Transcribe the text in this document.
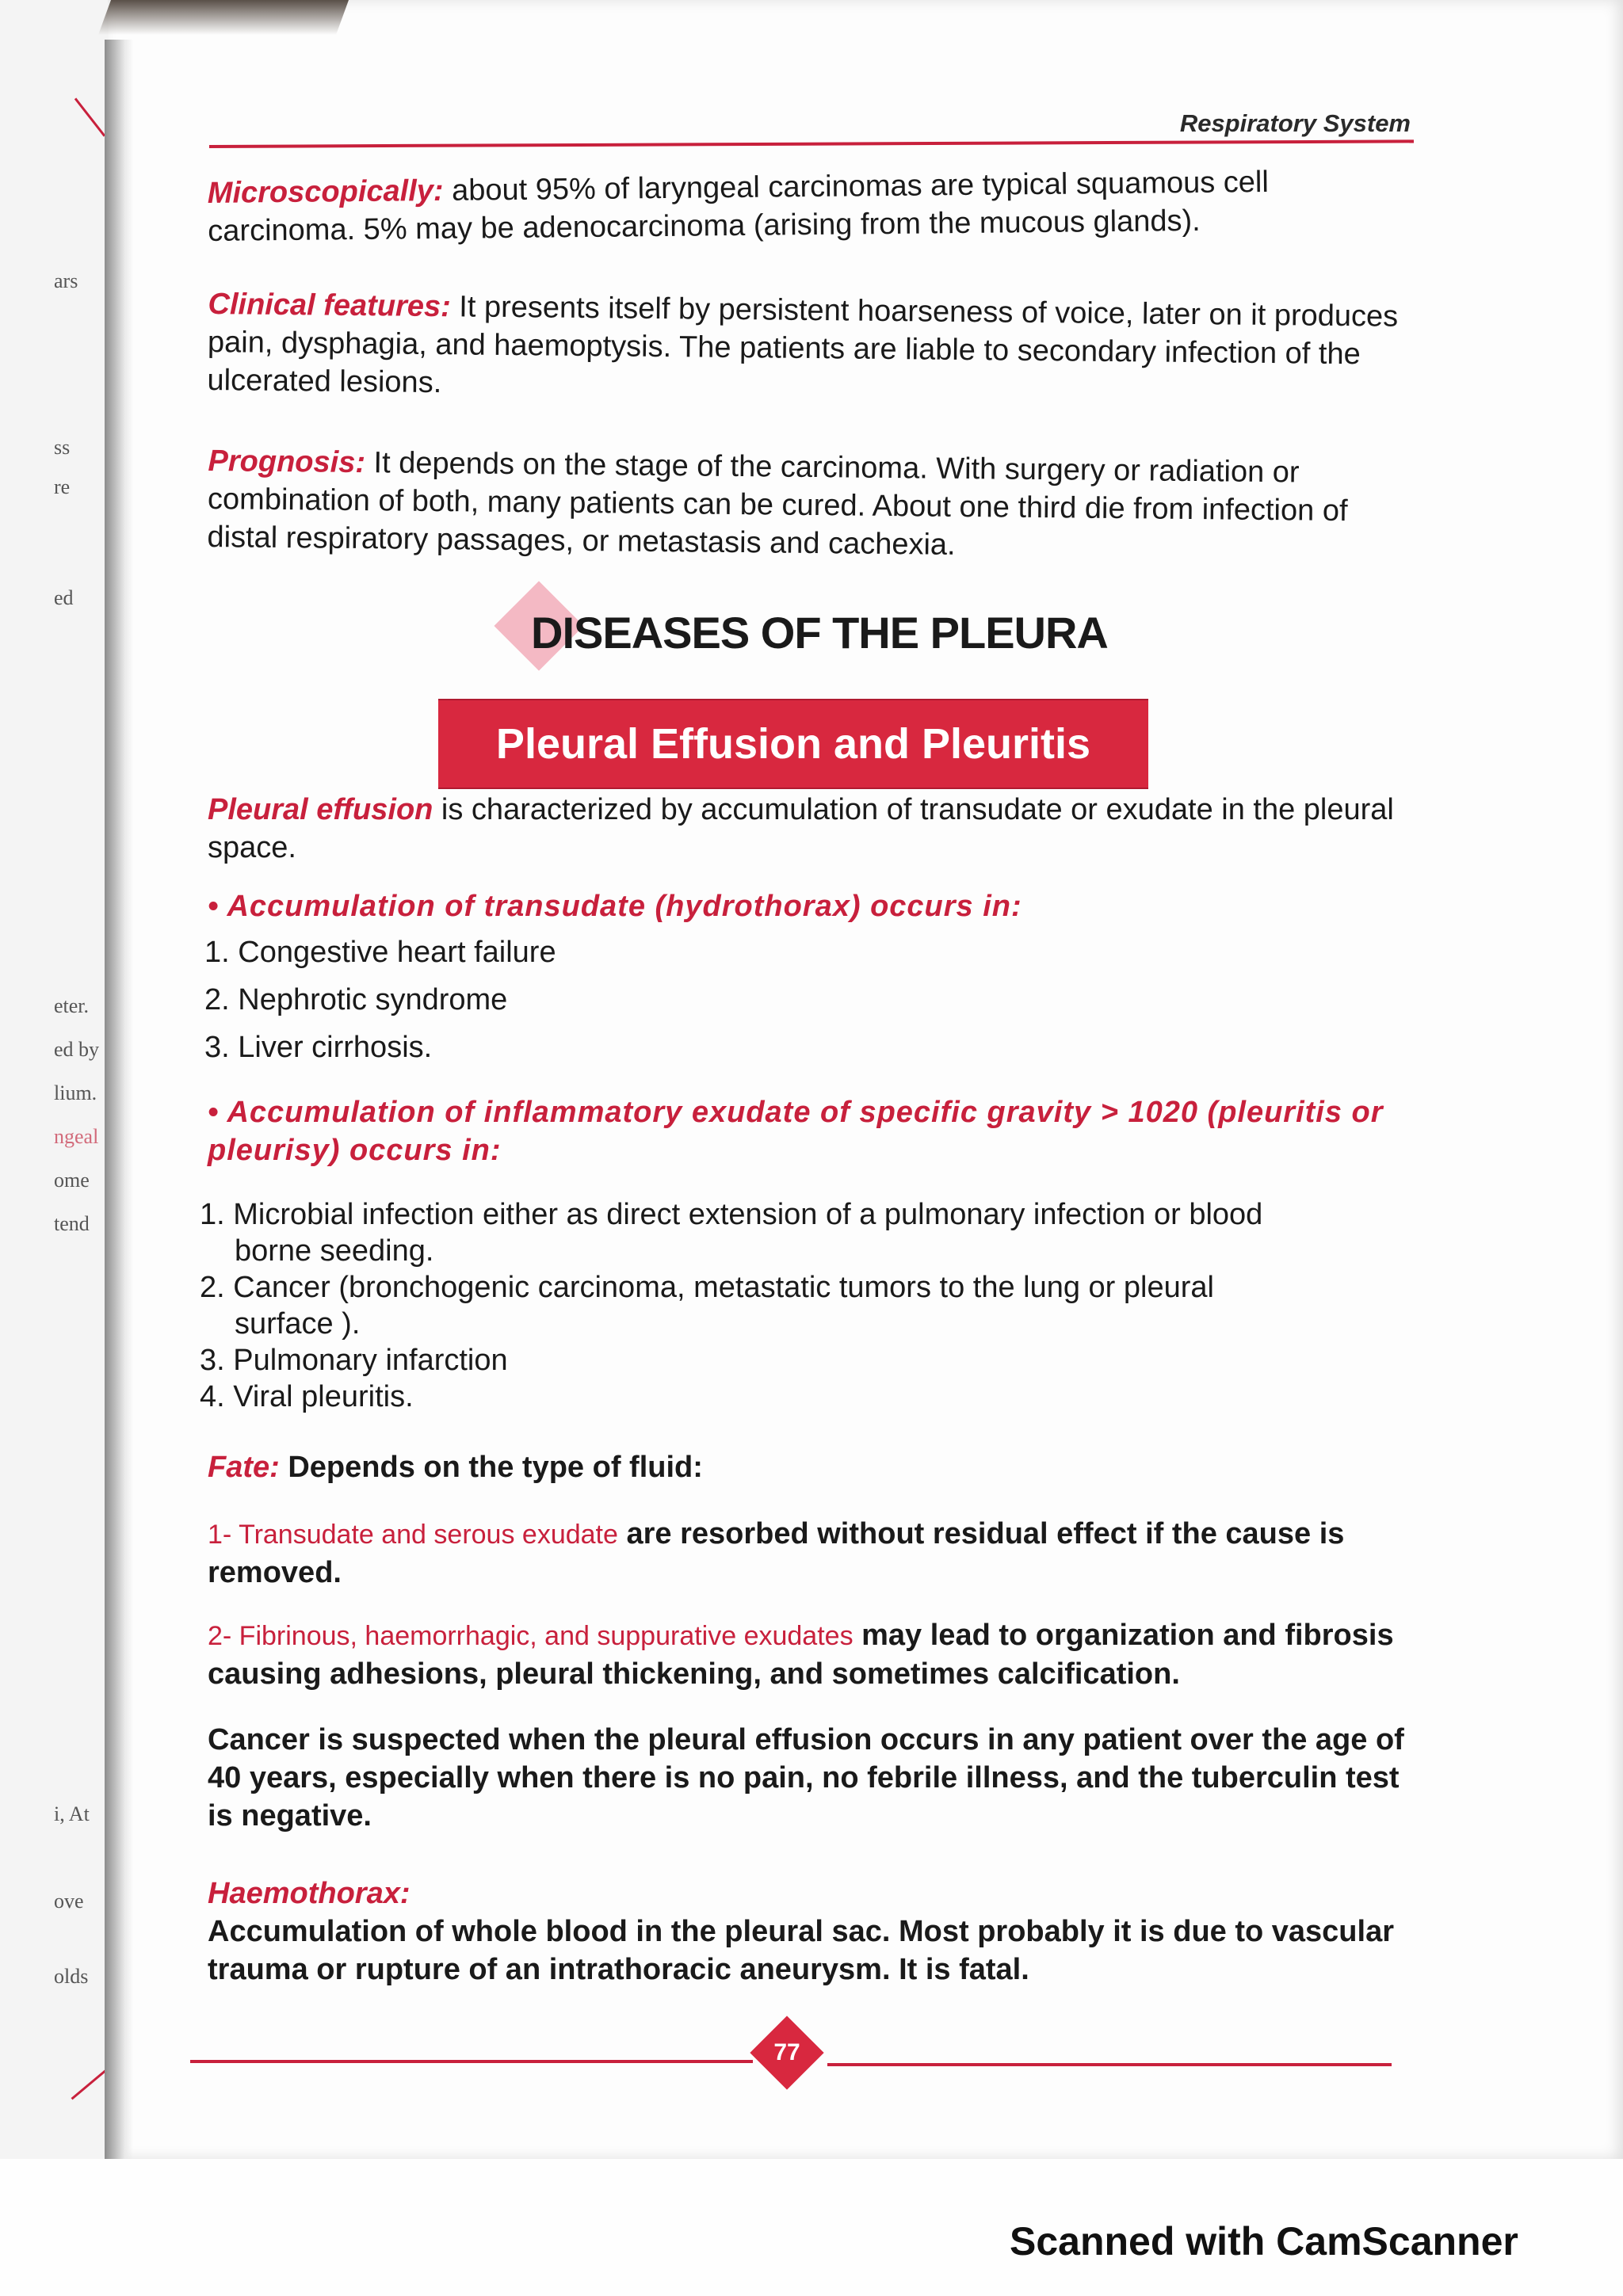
ars
ss
re
ed
eter.
ed by
lium.
ngeal
ome
tend
i, At
ove
olds
Respiratory System
Microscopically: about 95% of laryngeal carcinomas are typical squamous cell carcinoma. 5% may be adenocarcinoma (arising from the mucous glands).
Clinical features: It presents itself by persistent hoarseness of voice, later on it produces pain, dysphagia, and haemoptysis. The patients are liable to secondary infection of the ulcerated lesions.
Prognosis: It depends on the stage of the carcinoma. With surgery or radiation or combination of both, many patients can be cured. About one third die from infection of distal respiratory passages, or metastasis and cachexia.
DISEASES OF THE PLEURA
Pleural Effusion and Pleuritis
Pleural effusion is characterized by accumulation of transudate or exudate in the pleural space.
• Accumulation of transudate (hydrothorax) occurs in:
1. Congestive heart failure
2. Nephrotic syndrome
3. Liver cirrhosis.
• Accumulation of inflammatory exudate of specific gravity > 1020 (pleuritis or pleurisy) occurs in:
1. Microbial infection either as direct extension of a pulmonary infection or blood
borne seeding.
2. Cancer (bronchogenic carcinoma, metastatic tumors to the lung or pleural
surface ).
3. Pulmonary infarction
4. Viral pleuritis.
Fate: Depends on the type of fluid:
1- Transudate and serous exudate are resorbed without residual effect if the cause is removed.
2- Fibrinous, haemorrhagic, and suppurative exudates may lead to organization and fibrosis causing adhesions, pleural thickening, and sometimes calcification.
Cancer is suspected when the pleural effusion occurs in any patient over the age of 40 years, especially when there is no pain, no febrile illness, and the tuberculin test is negative.
Haemothorax:
Accumulation of whole blood in the pleural sac. Most probably it is due to vascular trauma or rupture of an intrathoracic aneurysm. It is fatal.
77
Scanned with CamScanner
